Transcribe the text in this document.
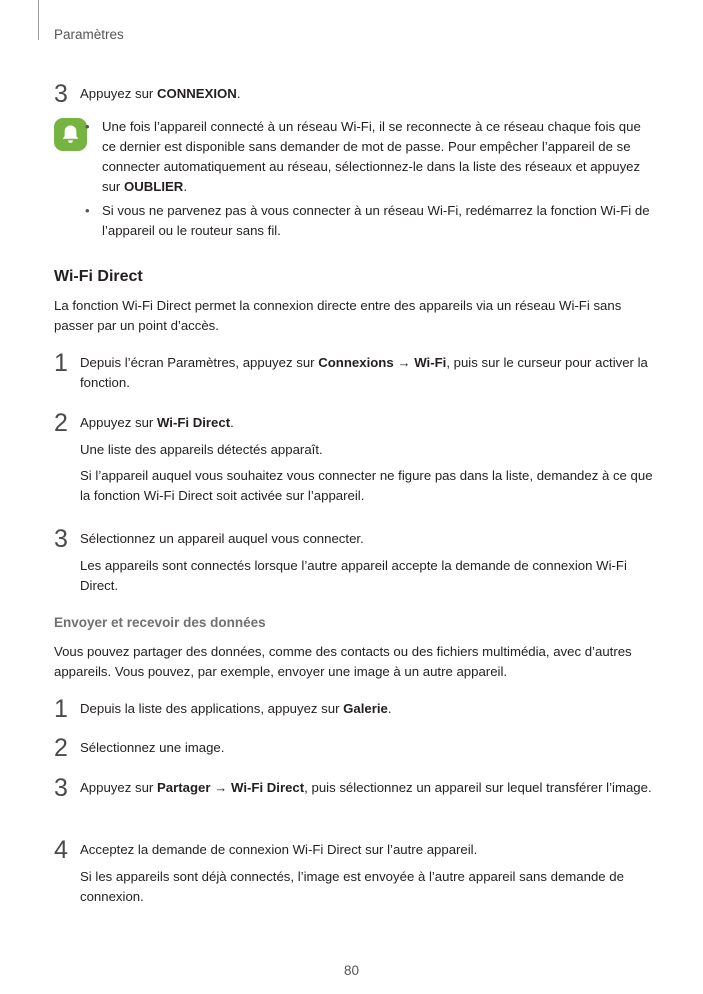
Paramètres
3 Appuyez sur CONNEXION.

• Une fois l’appareil connecté à un réseau Wi-Fi, il se reconnecte à ce réseau chaque fois que ce dernier est disponible sans demander de mot de passe. Pour empêcher l’appareil de se connecter automatiquement au réseau, sélectionnez-le dans la liste des réseaux et appuyez sur OUBLIER.

• Si vous ne parvenez pas à vous connecter à un réseau Wi-Fi, redémarrez la fonction Wi-Fi de l’appareil ou le routeur sans fil.

Wi-Fi Direct

La fonction Wi-Fi Direct permet la connexion directe entre des appareils via un réseau Wi-Fi sans passer par un point d’accès.

1 Depuis l’écran Paramètres, appuyez sur Connexions → Wi-Fi, puis sur le curseur pour activer la fonction.

2 Appuyez sur Wi-Fi Direct.

Une liste des appareils détectés apparaît.

Si l’appareil auquel vous souhaitez vous connecter ne figure pas dans la liste, demandez à ce que la fonction Wi-Fi Direct soit activée sur l’appareil.

3 Sélectionnez un appareil auquel vous connecter.

Les appareils sont connectés lorsque l’autre appareil accepte la demande de connexion Wi-Fi Direct.

Envoyer et recevoir des données

Vous pouvez partager des données, comme des contacts ou des fichiers multimédia, avec d’autres appareils. Vous pouvez, par exemple, envoyer une image à un autre appareil.

1 Depuis la liste des applications, appuyez sur Galerie.

2 Sélectionnez une image.

3 Appuyez sur Partager → Wi-Fi Direct, puis sélectionnez un appareil sur lequel transférer l’image.

4 Acceptez la demande de connexion Wi-Fi Direct sur l’autre appareil.

Si les appareils sont déjà connectés, l’image est envoyée à l’autre appareil sans demande de connexion.

80
